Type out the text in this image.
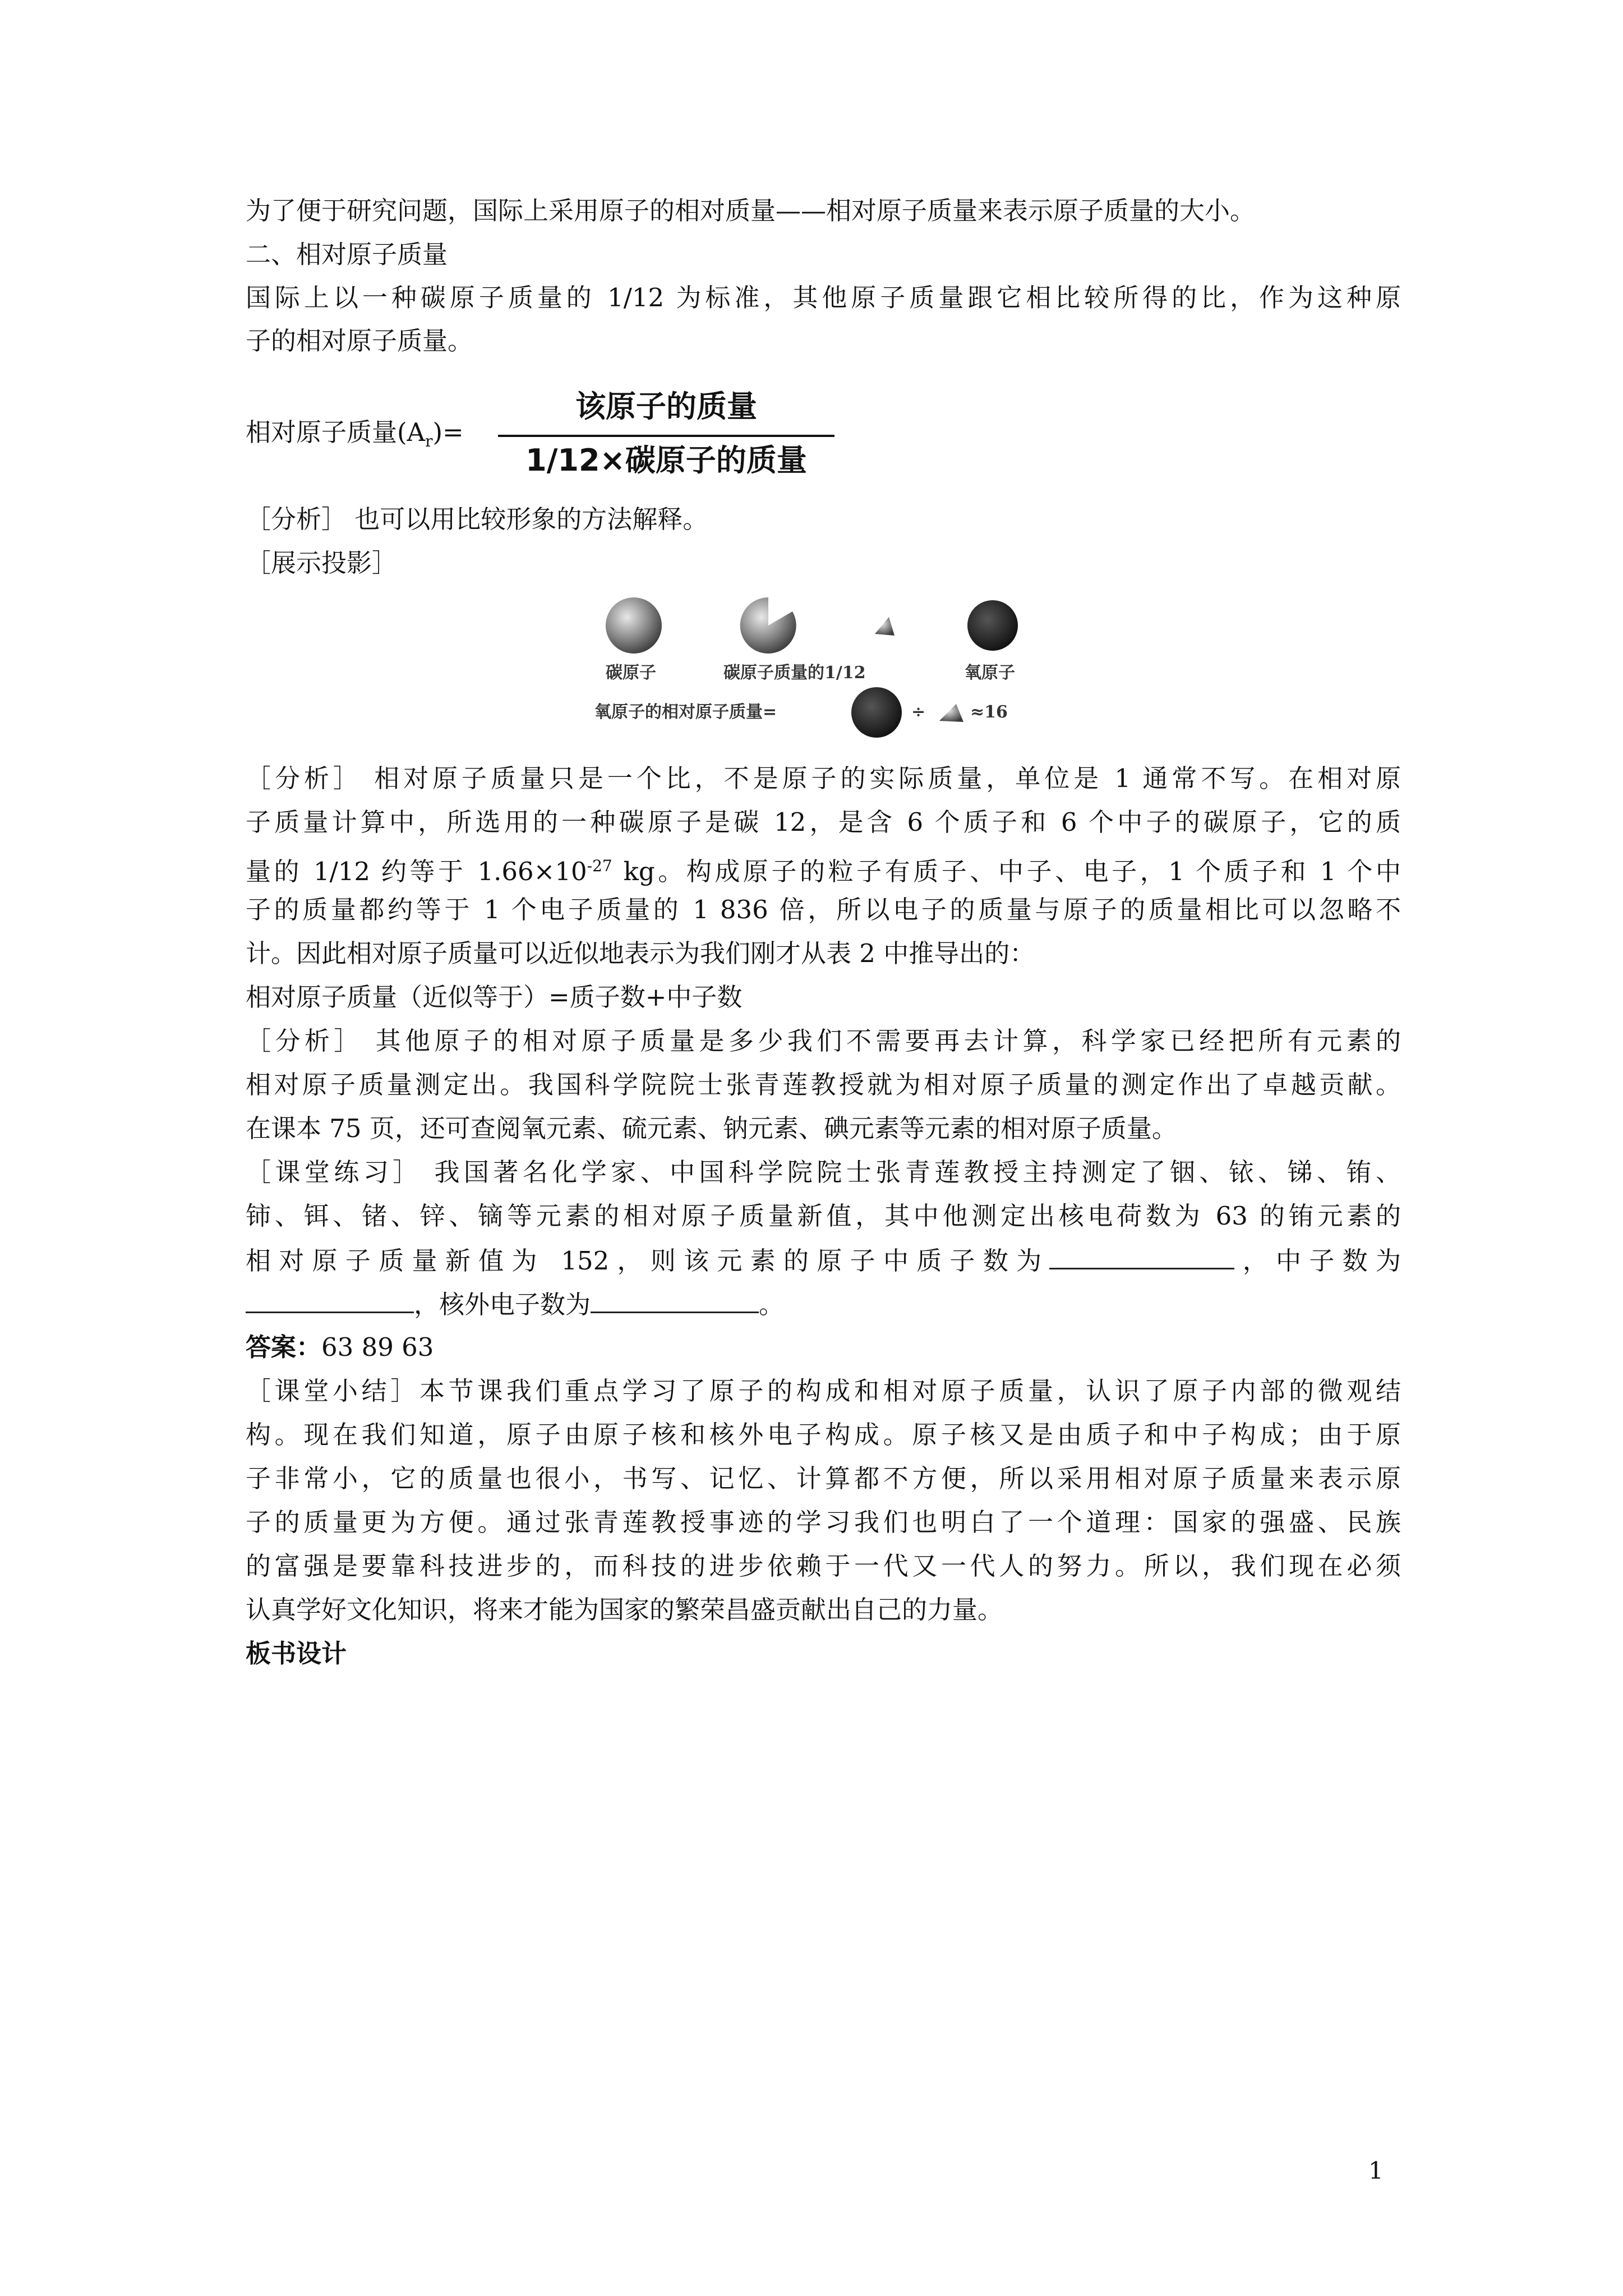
为了便于研究问题，国际上采用原子的相对质量——相对原子质量来表示原子质量的大小。
二、相对原子质量
国际上以一种碳原子质量的 1/12 为标准，其他原子质量跟它相比较所得的比，作为这种原
子的相对原子质量。
相对原子质量$(A_r)=$
该原子的质量
1/12×碳原子的质量
［分析］ 也可以用比较形象的方法解释。
［展示投影］
碳原子	碳原子质量的1/12	氧原子
氧原子的相对原子质量=	÷	≈16
［分析］ 相对原子质量只是一个比，不是原子的实际质量，单位是 1 通常不写。在相对原
子质量计算中，所选用的一种碳原子是碳 12，是含 6 个质子和 6 个中子的碳原子，它的质
量的 1/12 约等于 $1.66\times 10^{-27}$ kg。构成原子的粒子有质子、中子、电子，1 个质子和 1 个中
子的质量都约等于 1 个电子质量的 1 836 倍，所以电子的质量与原子的质量相比可以忽略不
计。因此相对原子质量可以近似地表示为我们刚才从表 2 中推导出的：
相对原子质量（近似等于）=质子数+中子数
［分析］ 其他原子的相对原子质量是多少我们不需要再去计算，科学家已经把所有元素的
相对原子质量测定出。我国科学院院士张青莲教授就为相对原子质量的测定作出了卓越贡献。
在课本 75 页，还可查阅氧元素、硫元素、钠元素、碘元素等元素的相对原子质量。
［课堂练习］ 我国著名化学家、中国科学院院士张青莲教授主持测定了铟、铱、锑、铕、
铈、铒、锗、锌、镝等元素的相对原子质量新值，其中他测定出核电荷数为 63 的铕元素的
相对原子质量新值为 152，则该元素的原子中质子数为	，中子数为
，核外电子数为	。
答案：63 89 63
［课堂小结］本节课我们重点学习了原子的构成和相对原子质量，认识了原子内部的微观结
构。现在我们知道，原子由原子核和核外电子构成。原子核又是由质子和中子构成；由于原
子非常小，它的质量也很小，书写、记忆、计算都不方便，所以采用相对原子质量来表示原
子的质量更为方便。通过张青莲教授事迹的学习我们也明白了一个道理：国家的强盛、民族
的富强是要靠科技进步的，而科技的进步依赖于一代又一代人的努力。所以，我们现在必须
认真学好文化知识，将来才能为国家的繁荣昌盛贡献出自己的力量。
板书设计
1
